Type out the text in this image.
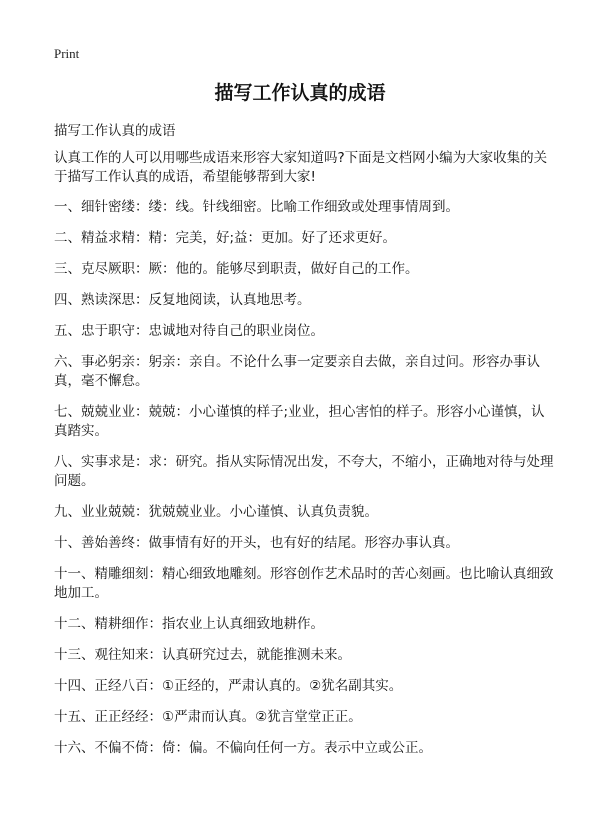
Print
描写工作认真的成语

描写工作认真的成语

认真工作的人可以用哪些成语来形容大家知道吗?下面是文档网小编为大家收集的关于描写工作认真的成语，希望能够帮到大家!

一、细针密缕：缕：线。针线细密。比喻工作细致或处理事情周到。
二、精益求精：精：完美，好;益：更加。好了还求更好。
三、克尽厥职：厥：他的。能够尽到职责，做好自己的工作。
四、熟读深思：反复地阅读，认真地思考。
五、忠于职守：忠诚地对待自己的职业岗位。
六、事必躬亲：躬亲：亲自。不论什么事一定要亲自去做，亲自过问。形容办事认真，毫不懈怠。
七、兢兢业业：兢兢：小心谨慎的样子;业业，担心害怕的样子。形容小心谨慎，认真踏实。
八、实事求是：求：研究。指从实际情况出发，不夸大，不缩小，正确地对待与处理问题。
九、业业兢兢：犹兢兢业业。小心谨慎、认真负责貌。
十、善始善终：做事情有好的开头，也有好的结尾。形容办事认真。
十一、精雕细刻：精心细致地雕刻。形容创作艺术品时的苦心刻画。也比喻认真细致地加工。
十二、精耕细作：指农业上认真细致地耕作。
十三、观往知来：认真研究过去，就能推测未来。
十四、正经八百：①正经的，严肃认真的。②犹名副其实。
十五、正正经经：①严肃而认真。②犹言堂堂正正。
十六、不偏不倚：倚：偏。不偏向任何一方。表示中立或公正。
